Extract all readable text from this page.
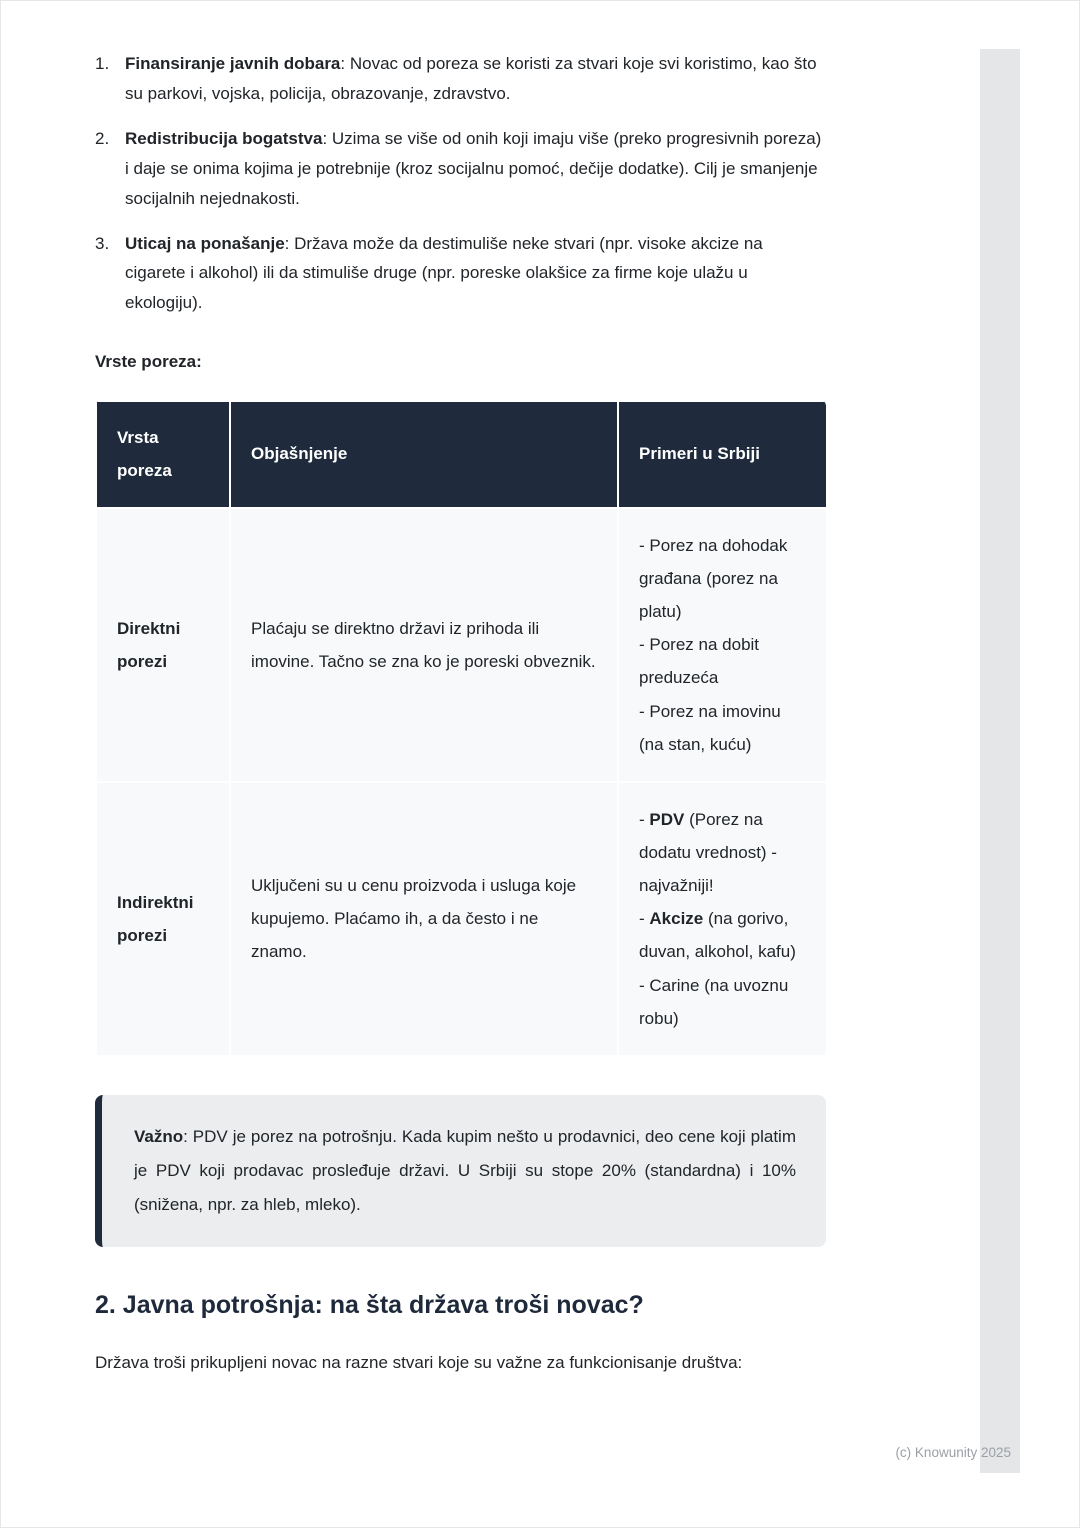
1. Finansiranje javnih dobara: Novac od poreza se koristi za stvari koje svi koristimo, kao što su parkovi, vojska, policija, obrazovanje, zdravstvo.
2. Redistribucija bogatstva: Uzima se više od onih koji imaju više (preko progresivnih poreza) i daje se onima kojima je potrebnije (kroz socijalnu pomoć, dečije dodatke). Cilj je smanjenje socijalnih nejednakosti.
3. Uticaj na ponašanje: Država može da destimuliše neke stvari (npr. visoke akcize na cigarete i alkohol) ili da stimuliše druge (npr. poreske olakšice za firme koje ulažu u ekologiju).

Vrste poreza:

Vrsta poreza	Objašnjenje	Primeri u Srbiji
Direktni porezi	Plaćaju se direktno državi iz prihoda ili imovine. Tačno se zna ko je poreski obveznik.	- Porez na dohodak građana (porez na platu)
- Porez na dobit preduzeća
- Porez na imovinu (na stan, kuću)

Indirektni porezi	Uključeni su u cenu proizvoda i usluga koje kupujemo. Plaćamo ih, a da često i ne znamo.	- PDV (Porez na dodatu vrednost) - najvažniji!
- Akcize (na gorivo, duvan, alkohol, kafu)
- Carine (na uvoznu robu)

Važno: PDV je porez na potrošnju. Kada kupim nešto u prodavnici, deo cene koji platim je PDV koji prodavac prosleđuje državi. U Srbiji su stope 20% (standardna) i 10% (snižena, npr. za hleb, mleko).

2. Javna potrošnja: na šta država troši novac?

Država troši prikupljeni novac na razne stvari koje su važne za funkcionisanje društva:

(c) Knowunity 2025
